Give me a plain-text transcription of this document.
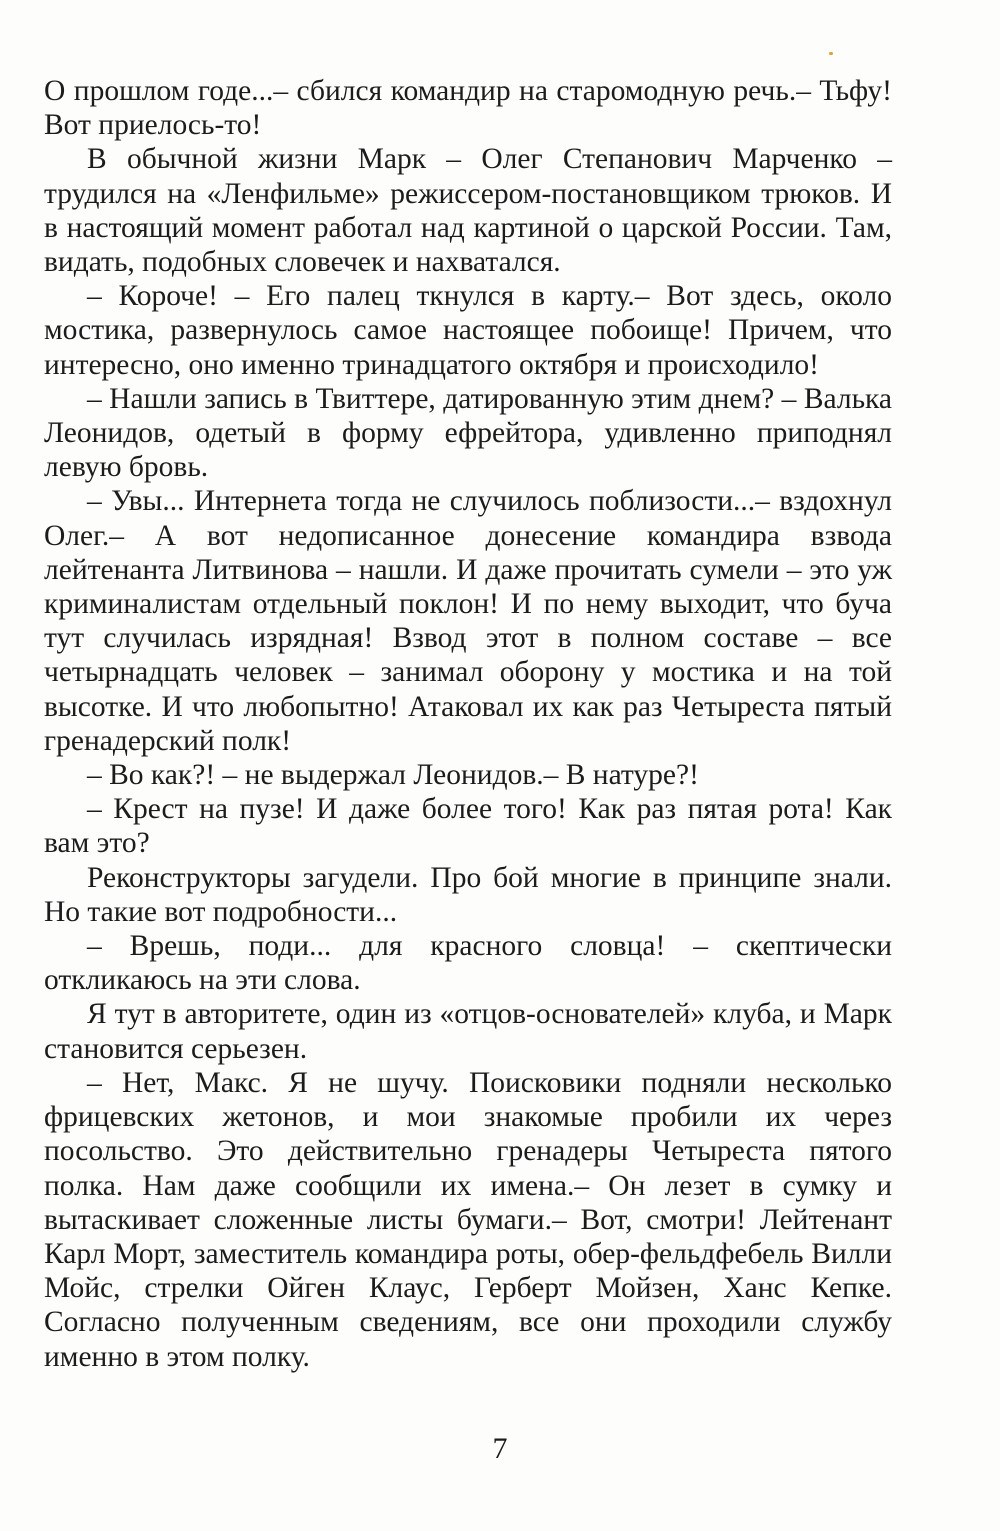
О прошлом годе...– сбился командир на старомодную речь.– Тьфу! Вот приелось-то!

В обычной жизни Марк – Олег Степанович Марченко – трудился на «Ленфильме» режиссером-постановщиком трюков. И в настоящий момент работал над картиной о царской России. Там, видать, подобных словечек и нахватался.

– Короче! – Его палец ткнулся в карту.– Вот здесь, около мостика, развернулось самое настоящее побоище! Причем, что интересно, оно именно тринадцатого октября и происходило!

– Нашли запись в Твиттере, датированную этим днем? – Валька Леонидов, одетый в форму ефрейтора, удивленно приподнял левую бровь.

– Увы... Интернета тогда не случилось поблизости...– вздохнул Олег.– А вот недописанное донесение командира взвода лейтенанта Литвинова – нашли. И даже прочитать сумели – это уж криминалистам отдельный поклон! И по нему выходит, что буча тут случилась изрядная! Взвод этот в полном составе – все четырнадцать человек – занимал оборону у мостика и на той высотке. И что любопытно! Атаковал их как раз Четыреста пятый гренадерский полк!

– Во как?! – не выдержал Леонидов.– В натуре?!

– Крест на пузе! И даже более того! Как раз пятая рота! Как вам это?

Реконструкторы загудели. Про бой многие в принципе знали. Но такие вот подробности...

– Врешь, поди... для красного словца! – скептически откликаюсь на эти слова.

Я тут в авторитете, один из «отцов-основателей» клуба, и Марк становится серьезен.

– Нет, Макс. Я не шучу. Поисковики подняли несколько фрицевских жетонов, и мои знакомые пробили их через посольство. Это действительно гренадеры Четыреста пятого полка. Нам даже сообщили их имена.– Он лезет в сумку и вытаскивает сложенные листы бумаги.– Вот, смотри! Лейтенант Карл Морт, заместитель командира роты, обер-фельдфебель Вилли Мойс, стрелки Ойген Клаус, Герберт Мойзен, Ханс Кепке. Согласно полученным сведениям, все они проходили службу именно в этом полку.

7
